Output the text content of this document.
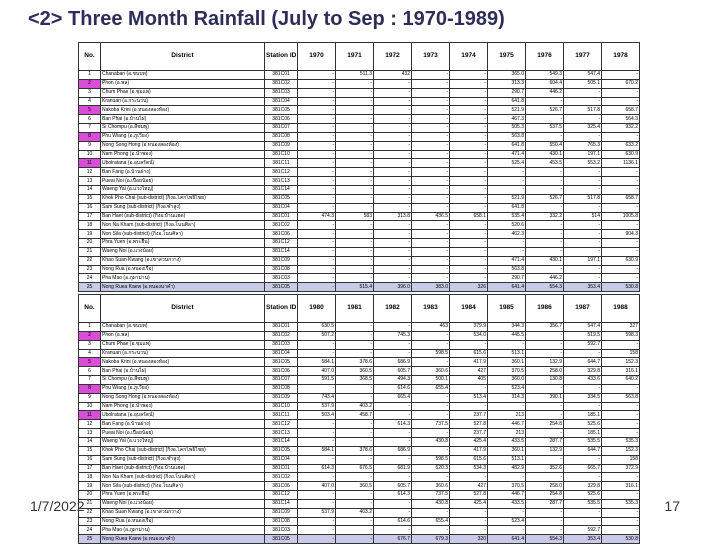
<2> Three Month Rainfall (July to Sep : 1970-1989)
No.	District	Station ID	1970	1971	1972	1973	1974	1975	1976	1977	1978
1	Chanaban (อ.ชนบท)	381C01	-	511.3	432	-	-	365.0	549.3	547.4	-
2	Phon (อ.พล)	381C02	-	-	-	-	-	313.3	604.4	505.1	670.2
3	Chum Phae (อ.ชุมแพ)	381C03	-	-	-	-	-	290.7	446.2	-	-
4	Kranuan (อ.กระนวน)	381C04	-	-	-	-	-	641.8	-	-	-
5	Nakoba Krini (อ.หนองสองห้อง)	381C05	-	-	-	-	-	521.9	526.7	517.8	658.7
6	Ban Phai (อ.บ้านไผ่)	381C06	-	-	-	-	-	467.3	-	-	564.3
7	Si Chompu (อ.สีชมพู)	381C07	-	-	-	-	-	505.3	537.5	325.4	932.2
8	Phu Wiang (อ.ภูเวียง)	381C08	-	-	-	-	-	563.8	-	-	-
9	Nong Song Hong (อ.หนองสองห้อง)	381C09	-	-	-	-	-	641.8	550.4	765.3	633.2
10	Nam Phong (อ.น้ำพอง)	381C10	-	-	-	-	-	471.4	430.1	197.1	630.9
11	Ubolratana (อ.อุบลรัตน์)	381C11	-	-	-	-	-	525.4	453.5	553.2	1136.1
12	Ban Fang (อ.บ้านฝาง)	381C12	-	-	-	-	-	-	-	-	-
13	Pueai Noi (อ.เปือยน้อย)	381C13	-	-	-	-	-	-	-	-	-
14	Waeng Yai (อ.แวงใหญ่)	381C14	-	-	-	-	-	-	-	-	-
15	Khok Pho Chai (sub-district) (กิ่งอ.โคกโพธิ์ไชย)	381C05	-	-	-	-	-	521.9	526.7	517.8	658.7
16	Sam Sung (sub-district) (กิ่งอ.ซำสูง)	381C04	-	-	-	-	-	641.8	-	-	-
17	Ban Haet (sub-district) (กิ่งอ.บ้านแฮด)	381C01	474.3	583	313.8	436.5	658.1	535.4	332.2	514	1005.8
18	Non Na Kham (sub-district) (กิ่งอ.โนนศิลา)	381C02	-	-	-	-	-	520.6	-	-	-
19	Non Sila (sub-district) (กิ่งอ.โนนศิลา)	381C06	-	-	-	-	-	462.3	-	-	904.3
20	Phra Yuen (อ.พระยืน)	381C12	-	-	-	-	-	-	-	-	-
21	Waeng Noi (อ.แวงน้อย)	381C14	-	-	-	-	-	-	-	-	-
22	Khao Suan Kwang (อ.เขาสวนกวาง)	381C09	-	-	-	-	-	471.4	430.1	197.1	630.9
23	Nong Rua (อ.หนองเรือ)	381C08	-	-	-	-	-	563.8	-	-	-
24	Pha Mao (อ.ภูผาม่าน)	381C03	-	-	-	-	-	290.7	446.2	-	-
25	Nong Ruea Kaew (อ.หนองนาคำ)	381C05	-	515.4	396.0	383.0	326	641.4	554.3	353.4	530.8
No.	District	Station ID	1980	1981	1982	1983	1984	1985	1986	1987	1988
1	Chanaban (อ.ชนบท)	381C01	630.5	-	-	463	379.9	344.3	356.7	547.4	327
2	Phon (อ.พล)	381C02	507.2	-	745.3	-	534.0	445.5	-	519.5	598.3
3	Chum Phae (อ.ชุมแพ)	381C03	-	-	-	-	-	-	-	592.7	-
4	Kranuan (อ.กระนวน)	381C04	-	-	-	598.5	615.6	513.1	-	-	158
5	Nakoba Krini (อ.หนองสองห้อง)	381C05	584.1	378.6	686.9	-	417.9	360.1	132.9	644.7	152.3
6	Ban Phai (อ.บ้านไผ่)	381C06	407.0	360.5	605.7	360.6	427	370.5	258.0	329.8	316.1
7	Si Chompu (อ.สีชมพู)	381C07	591.5	368.5	494.3	500.1	405	360.0	130.8	433.6	640.2
8	Phu Wiang (อ.ภูเวียง)	381C08	-	-	614.6	655.4	-	523.4	-	-	-
9	Nong Song Hong (อ.หนองสองห้อง)	381C09	743.4	-	665.4	-	513.4	314.3	390.1	334.5	563.8
10	Nam Phong (อ.น้ำพอง)	381C10	537.9	403.2	-	-	-	-	-	-	-
11	Ubolratana (อ.อุบลรัตน์)	381C11	503.4	458.7	-	-	237.7	213	-	185.1	-
12	Ban Fang (อ.บ้านฝาง)	381C12	-	-	614.3	737.5	527.8	446.7	254.8	525.6	-
13	Pueai Noi (อ.เปือยน้อย)	381C13	-	-	-	-	237.7	213	-	185.1	-
14	Waeng Yai (อ.แวงใหญ่)	381C14	-	-	-	430.8	425.4	433.5	287.7	535.5	535.3
15	Khok Pho Chai (sub-district) (กิ่งอ.โคกโพธิ์ไชย)	381C05	584.1	378.6	686.9	-	417.9	360.1	132.9	644.7	152.3
16	Sam Sung (sub-district) (กิ่งอ.ซำสูง)	381C04	-	-	-	598.5	615.6	513.1	-	-	158
17	Ban Haet (sub-district) (กิ่งอ.บ้านแฮด)	381C01	614.3	676.5	681.9	620.3	534.3	482.9	352.6	665.7	372.9
18	Non Na Kham (sub-district) (กิ่งอ.โนนศิลา)	381C02	-	-	-	-	-	-	-	-	-
19	Non Sila (sub-district) (กิ่งอ.โนนศิลา)	381C06	407.0	360.5	605.7	360.6	427	370.5	258.0	329.8	316.1
20	Phra Yuen (อ.พระยืน)	381C12	-	-	614.3	737.5	527.8	446.7	254.8	525.6	-
21	Waeng Noi (อ.แวงน้อย)	381C14	-	-	-	430.8	425.4	433.5	287.7	535.5	535.3
22	Khao Suan Kwang (อ.เขาสวนกวาง)	381C09	537.9	403.2	-	-	-	-	-	-	-
23	Nong Rua (อ.หนองเรือ)	381C08	-	-	614.6	655.4	-	523.4	-	-	-
24	Pha Mao (อ.ภูผาม่าน)	381C03	-	-	-	-	-	-	-	592.7	-
25	Nong Ruea Kaew (อ.หนองนาคำ)	381C05	-	-	676.7	679.3	320	641.4	554.3	353.4	530.8
1/7/2022	17
